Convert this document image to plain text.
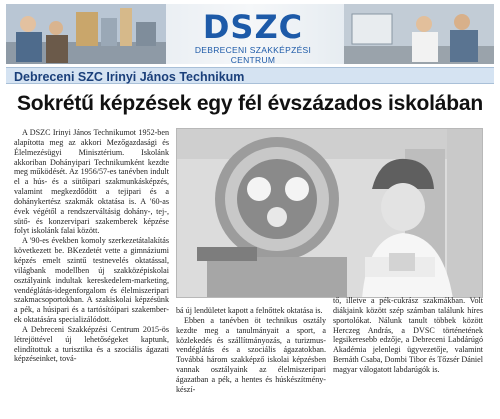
DSZC
DEBRECENI SZAKKÉPZÉSI CENTRUM
Debreceni SZC Irinyi János Technikum
Sokrétű képzések egy fél évszázados iskolában

A DSZC Irinyi János Technikumot 1952-ben alapította meg az akkori Mezőgazdasági és Élelmezésügyi Minisztérium. Iskolánk akkoriban Dohányipari Technikumként kezdte meg működését. Az 1956/57-es tanévben indult el a hús- és a sütőipari szakmunkásképzés, valamint megkezdődött a tejipari és a dohánykertész szakmák oktatása is. A '60-as évek végétől a rendszerváltásig dohány-, tej-, sütő- és konzervipari szakemberek képzése folyt iskolánk falai között.

A '90-es években komoly szerkezetátalakítás következett be. BKezdetét vette a gimnáziumi képzés emelt szintű testnevelés oktatással, világbank modellben új szakközépiskolai osztályaink indultak kereskedelem-marketing, vendéglátás-idegenforgalom és élelmiszeripari szakmacsoportokban. A szakiskolai képzésünk a pék, a húsipari és a tartósítóipari szakemberek oktatására specializálódott.

A Debreceni Szakképzési Centrum 2015-ös létrejöttével új lehetőségeket kaptunk, elindítottuk a turisztika és a szociális ágazati képzéseinket, tová-

bá új lendületet kapott a felnőttek oktatása is.

Ebben a tanévben öt technikus osztály kezdte meg a tanulmányait a sport, a közlekedés és szállítmányozás, a turizmus-vendéglátás és a szociális ágazatokban. Továbbá három szakképző iskolai képzésben vannak osztályaink az élelmiszeripari ágazatban a pék, a hentes és húskészítmény-készí-

tő, illetve a pék-cukrász szakmákban. Volt diákjaink között szép számban találunk híres sportolókat. Nálunk tanult többek között Herczeg András, a DVSC történetének legsikeresebb edzője, a Debreceni Labdárúgó Akadémia jelenlegi ügyvezetője, valamint Bernáth Csaba, Dombi Tibor és Tőzsér Dániel magyar válogatott labdarúgók is.
